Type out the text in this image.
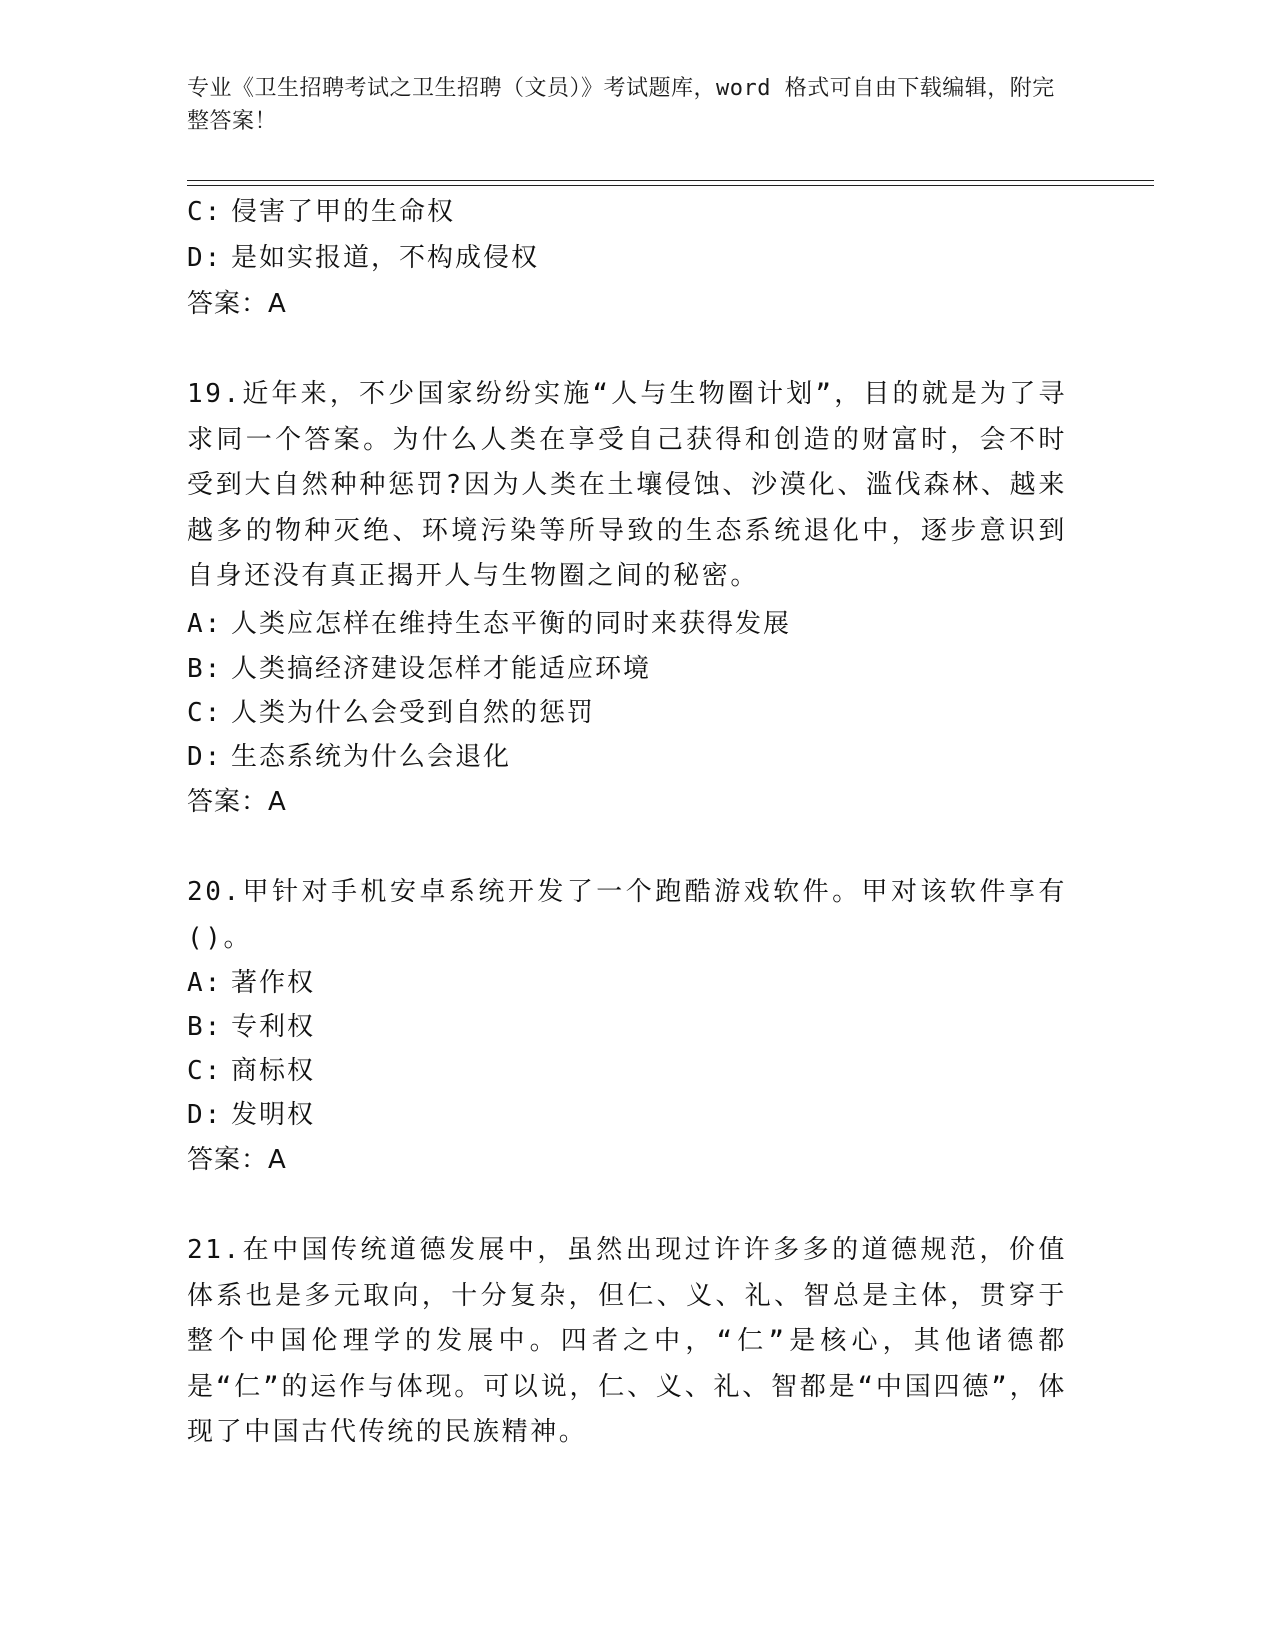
专业《卫生招聘考试之卫生招聘（文员）》考试题库，word 格式可自由下载编辑，附完整答案！
C: 侵害了甲的生命权
D: 是如实报道，不构成侵权
答案：A
19.近年来，不少国家纷纷实施“人与生物圈计划”，目的就是为了寻求同一个答案。为什么人类在享受自己获得和创造的财富时，会不时受到大自然种种惩罚?因为人类在土壤侵蚀、沙漠化、滥伐森林、越来越多的物种灭绝、环境污染等所导致的生态系统退化中，逐步意识到自身还没有真正揭开人与生物圈之间的秘密。
A: 人类应怎样在维持生态平衡的同时来获得发展
B: 人类搞经济建设怎样才能适应环境
C: 人类为什么会受到自然的惩罚
D: 生态系统为什么会退化
答案：A
20.甲针对手机安卓系统开发了一个跑酷游戏软件。甲对该软件享有()。
A: 著作权
B: 专利权
C: 商标权
D: 发明权
答案：A
21.在中国传统道德发展中，虽然出现过许许多多的道德规范，价值体系也是多元取向，十分复杂，但仁、义、礼、智总是主体，贯穿于整个中国伦理学的发展中。四者之中，“仁”是核心，其他诸德都是“仁”的运作与体现。可以说，仁、义、礼、智都是“中国四德”，体现了中国古代传统的民族精神。
